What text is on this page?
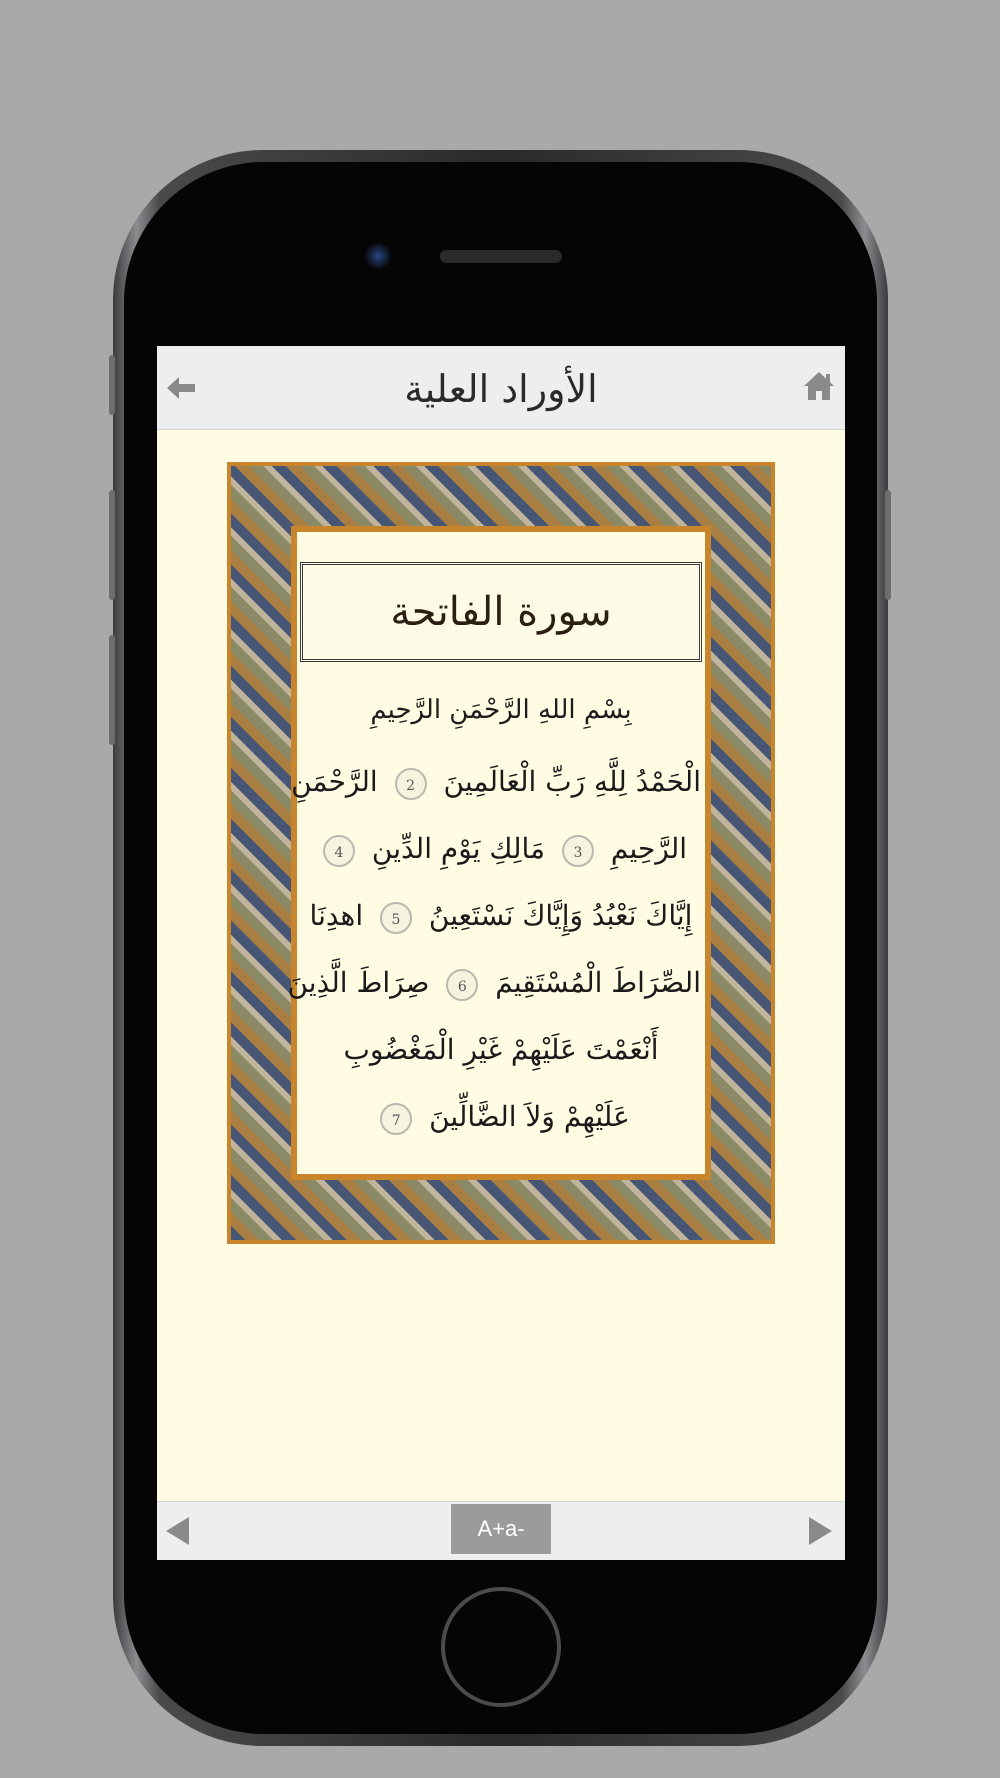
الأوراد العلية
سورة الفاتحة
بِسْمِ اللهِ الرَّحْمَنِ الرَّحِيمِ
الْحَمْدُ لِلَّهِ رَبِّ الْعَالَمِينَ 2 الرَّحْمَنِ
الرَّحِيمِ 3 مَالِكِ يَوْمِ الدِّينِ 4
إِيَّاكَ نَعْبُدُ وَإِيَّاكَ نَسْتَعِينُ 5 اهدِنَا
الصِّرَاطَ الْمُسْتَقِيمَ 6 صِرَاطَ الَّذِينَ
أَنْعَمْتَ عَلَيْهِمْ غَيْرِ الْمَغْضُوبِ
عَلَيْهِمْ وَلاَ الضَّالِّينَ 7
A+a-
